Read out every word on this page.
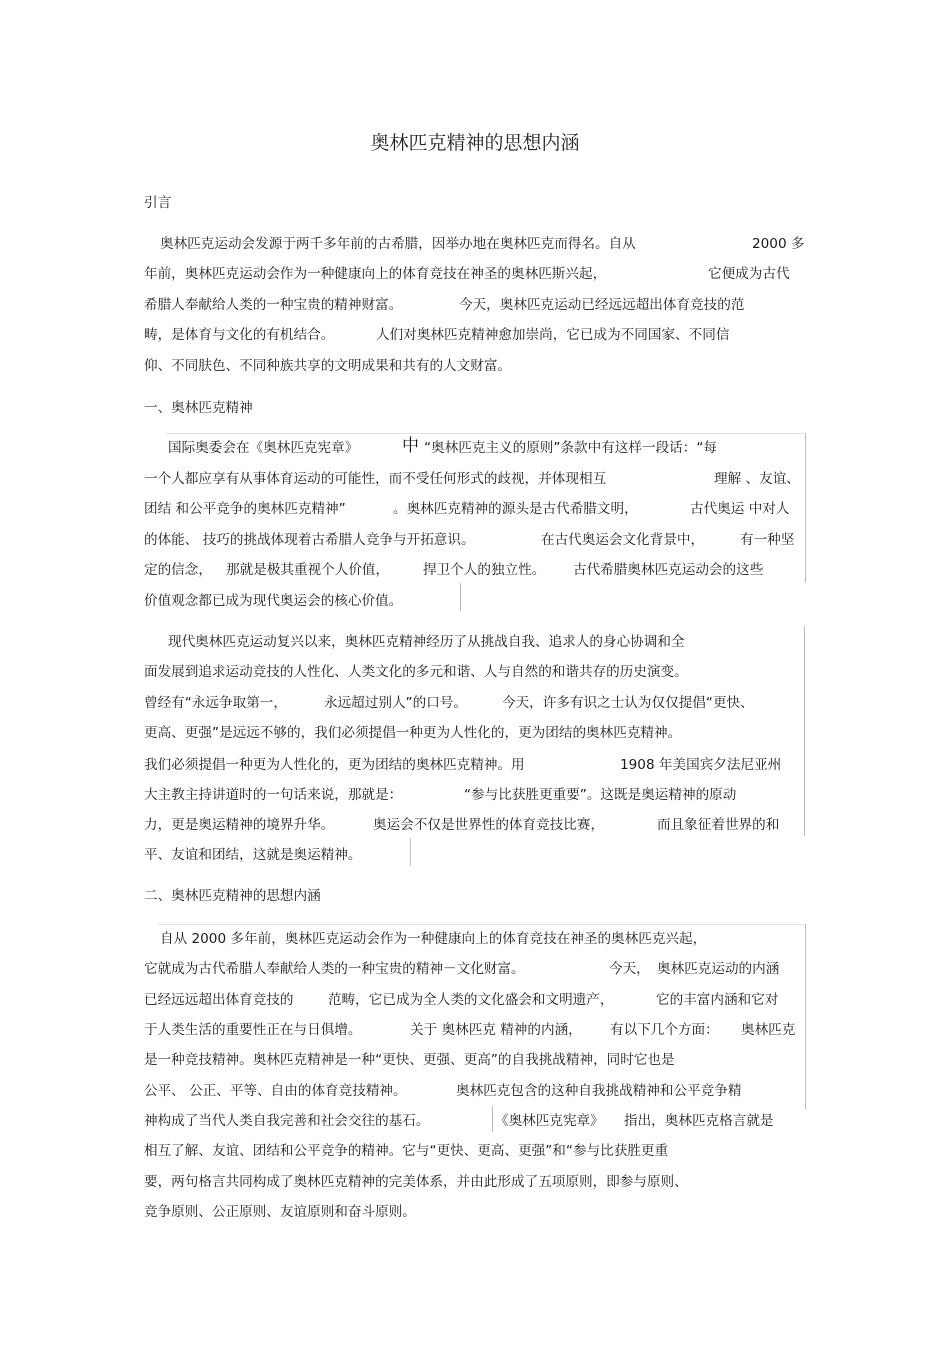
奥林匹克精神的思想内涵
引言
奥林匹克运动会发源于两千多年前的古希腊，因举办地在奥林匹克而得名。自从	2000 多
年前，奥林匹克运动会作为一种健康向上的体育竞技在神圣的奥林匹斯兴起，	它便成为古代
希腊人奉献给人类的一种宝贵的精神财富。	今天，奥林匹克运动已经远远超出体育竞技的范
畴，是体育与文化的有机结合。	人们对奥林匹克精神愈加崇尚，它已成为不同国家、不同信
仰、不同肤色、不同种族共享的文明成果和共有的人文财富。
一、奥林匹克精神
国际奥委会在《奥林匹克宪章》	中 “奥林匹克主义的原则”条款中有这样一段话：“每
一个人都应享有从事体育运动的可能性，而不受任何形式的歧视，并体现相互	理解 、友谊、
团结 和公平竞争的奥林匹克精神”	。奥林匹克精神的源头是古代希腊文明，	古代奥运 中对人
的体能、 技巧的挑战体现着古希腊人竞争与开拓意识。	在古代奥运会文化背景中，	有一种坚
定的信念， 那就是极其重视个人价值， 捍卫个人的独立性。 古代希腊奥林匹克运动会的这些
价值观念都已成为现代奥运会的核心价值。
现代奥林匹克运动复兴以来，奥林匹克精神经历了从挑战自我、追求人的身心协调和全
面发展到追求运动竞技的人性化、人类文化的多元和谐、人与自然的和谐共存的历史演变。
曾经有“永远争取第一，	永远超过别人”的口号。	今天，许多有识之士认为仅仅提倡“更快、
更高、更强”是远远不够的，我们必须提倡一种更为人性化的，更为团结的奥林匹克精神。
我们必须提倡一种更为人性化的，更为团结的奥林匹克精神。用	1908 年美国宾夕法尼亚州
大主教主持讲道时的一句话来说，那就是：	“参与比获胜更重要”。这既是奥运精神的原动
力，更是奥运精神的境界升华。	奥运会不仅是世界性的体育竞技比赛，	而且象征着世界的和
平、友谊和团结，这就是奥运精神。
二、奥林匹克精神的思想内涵
自从 2000 多年前，奥林匹克运动会作为一种健康向上的体育竞技在神圣的奥林匹克兴起，
它就成为古代希腊人奉献给人类的一种宝贵的精神－文化财富。	今天， 奥林匹克运动的内涵
已经远远超出体育竞技的	范畴，它已成为全人类的文化盛会和文明遗产，	它的丰富内涵和它对
于人类生活的重要性正在与日俱增。	关于 奥林匹克 精神的内涵， 有以下几个方面： 奥林匹克
是一种竞技精神。奥林匹克精神是一种“更快、更强、更高”的自我挑战精神，同时它也是
公平、 公正、平等、自由的体育竞技精神。	奥林匹克包含的这种自我挑战精神和公平竞争精
神构成了当代人类自我完善和社会交往的基石。	《奥林匹克宪章》 指出，奥林匹克格言就是
相互了解、友谊、团结和公平竞争的精神。它与“更快、更高、更强”和“参与比获胜更重
要，两句格言共同构成了奥林匹克精神的完美体系，并由此形成了五项原则，即参与原则、
竞争原则、公正原则、友谊原则和奋斗原则。
